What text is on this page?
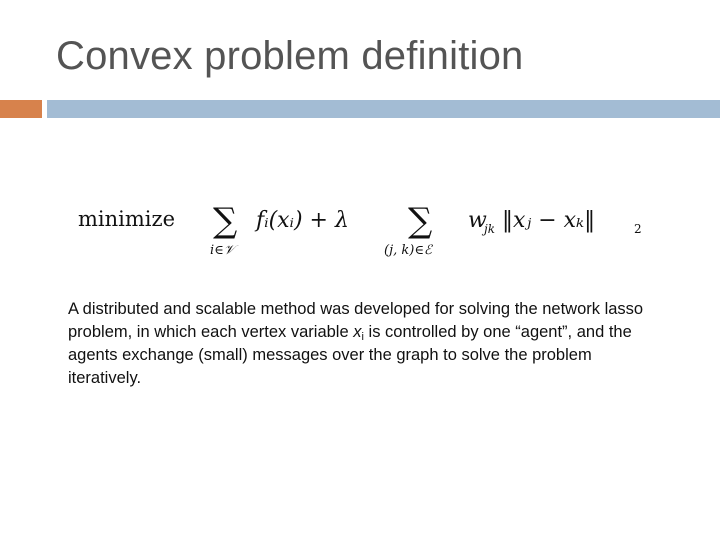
Convex problem definition
minimize ∑
i∈𝒱
fᵢ(xᵢ) + λ ∑
(j, k)∈ℰ
w
jk ‖xⱼ − xₖ‖	2
A distributed and scalable method was developed for solving the network lasso problem, in which each vertex variable $x_i$ is controlled by one “agent”, and the agents exchange (small) messages over the graph to solve the problem iteratively.
